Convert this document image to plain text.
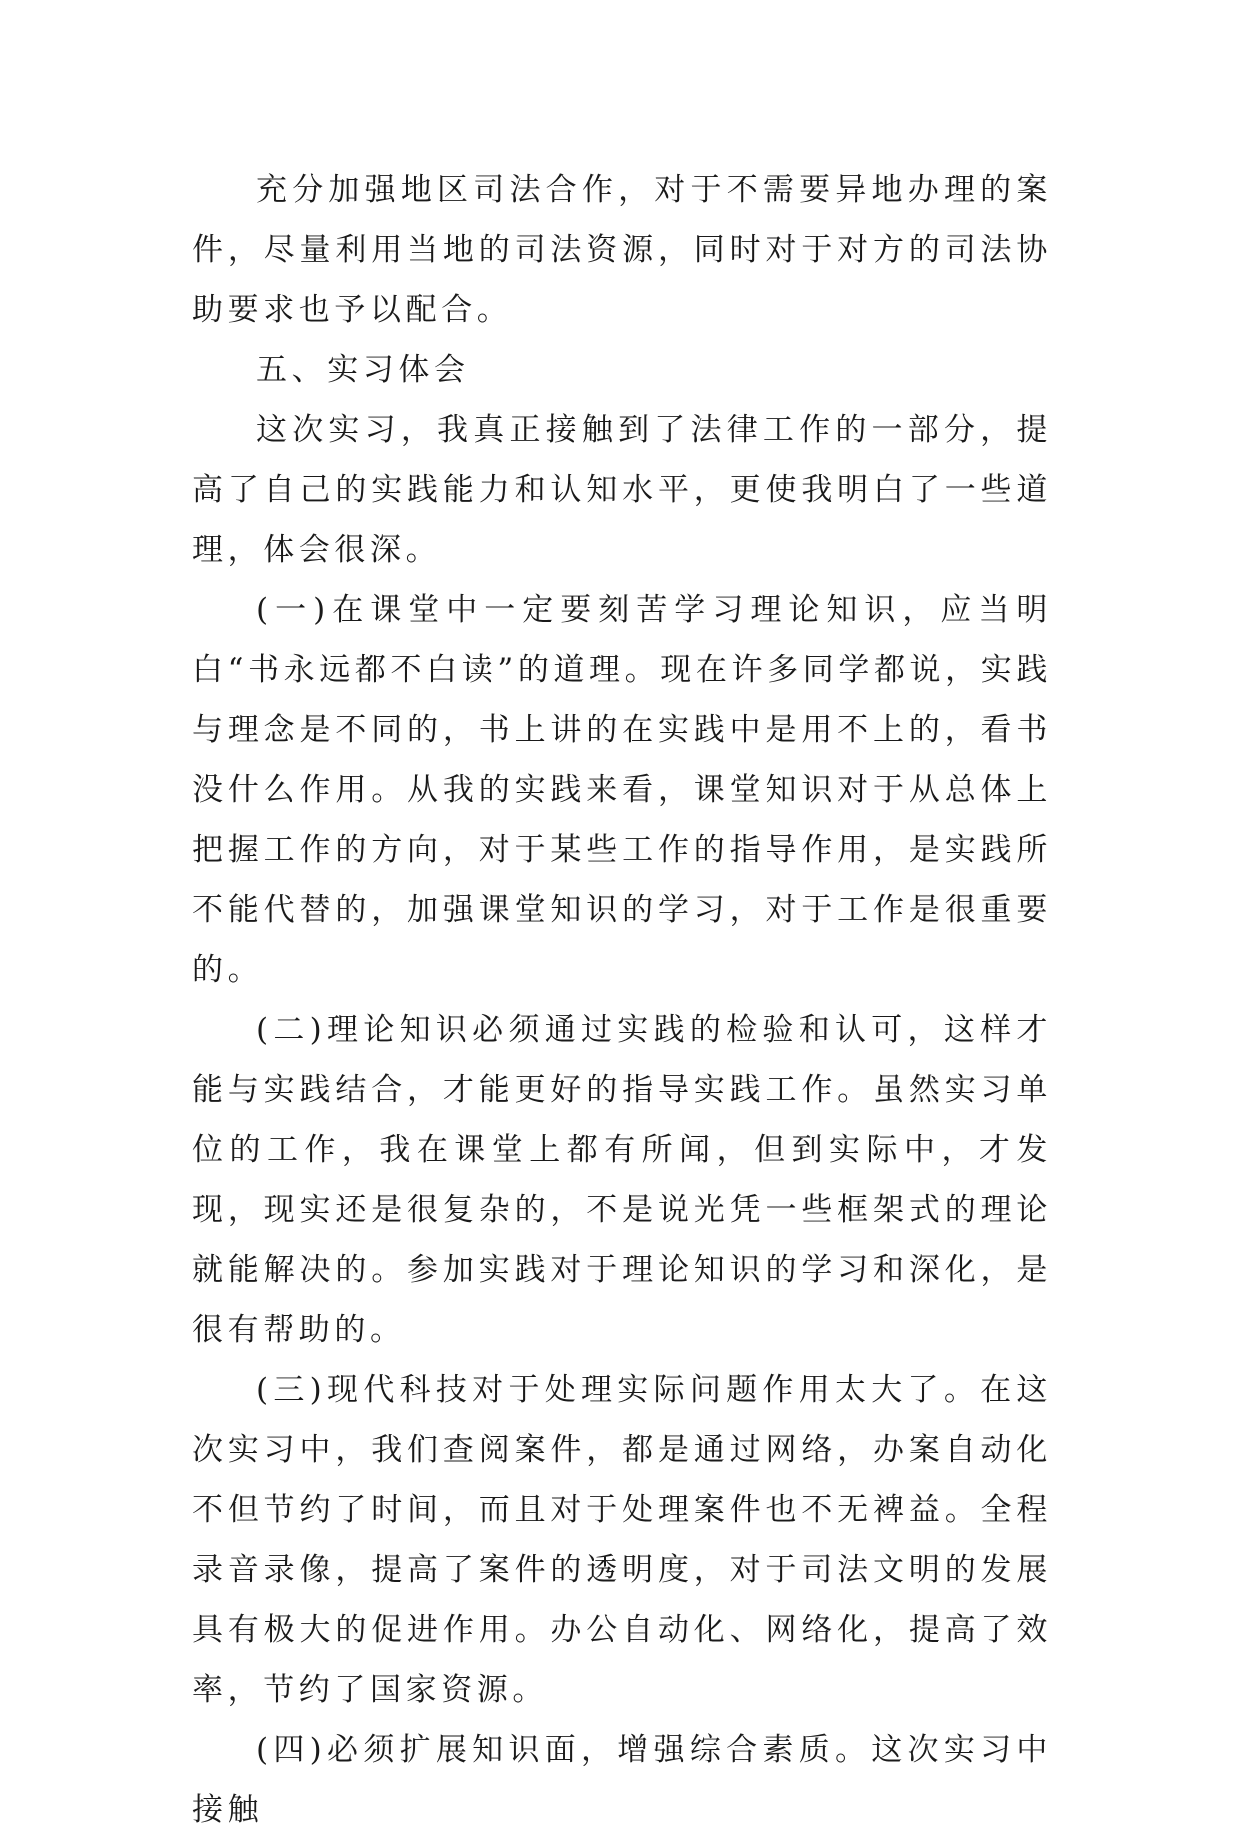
充分加强地区司法合作，对于不需要异地办理的案件，尽量利用当地的司法资源，同时对于对方的司法协助要求也予以配合。

五、实习体会

这次实习，我真正接触到了法律工作的一部分，提高了自己的实践能力和认知水平，更使我明白了一些道理，体会很深。

(一)在课堂中一定要刻苦学习理论知识，应当明白“书永远都不白读”的道理。现在许多同学都说，实践与理念是不同的，书上讲的在实践中是用不上的，看书没什么作用。从我的实践来看，课堂知识对于从总体上把握工作的方向，对于某些工作的指导作用，是实践所不能代替的，加强课堂知识的学习，对于工作是很重要的。

(二)理论知识必须通过实践的检验和认可，这样才能与实践结合，才能更好的指导实践工作。虽然实习单位的工作，我在课堂上都有所闻，但到实际中，才发现，现实还是很复杂的，不是说光凭一些框架式的理论就能解决的。参加实践对于理论知识的学习和深化，是很有帮助的。

(三)现代科技对于处理实际问题作用太大了。在这次实习中，我们查阅案件，都是通过网络，办案自动化不但节约了时间，而且对于处理案件也不无裨益。全程录音录像，提高了案件的透明度，对于司法文明的发展具有极大的促进作用。办公自动化、网络化，提高了效率，节约了国家资源。

(四)必须扩展知识面，增强综合素质。这次实习中接触
